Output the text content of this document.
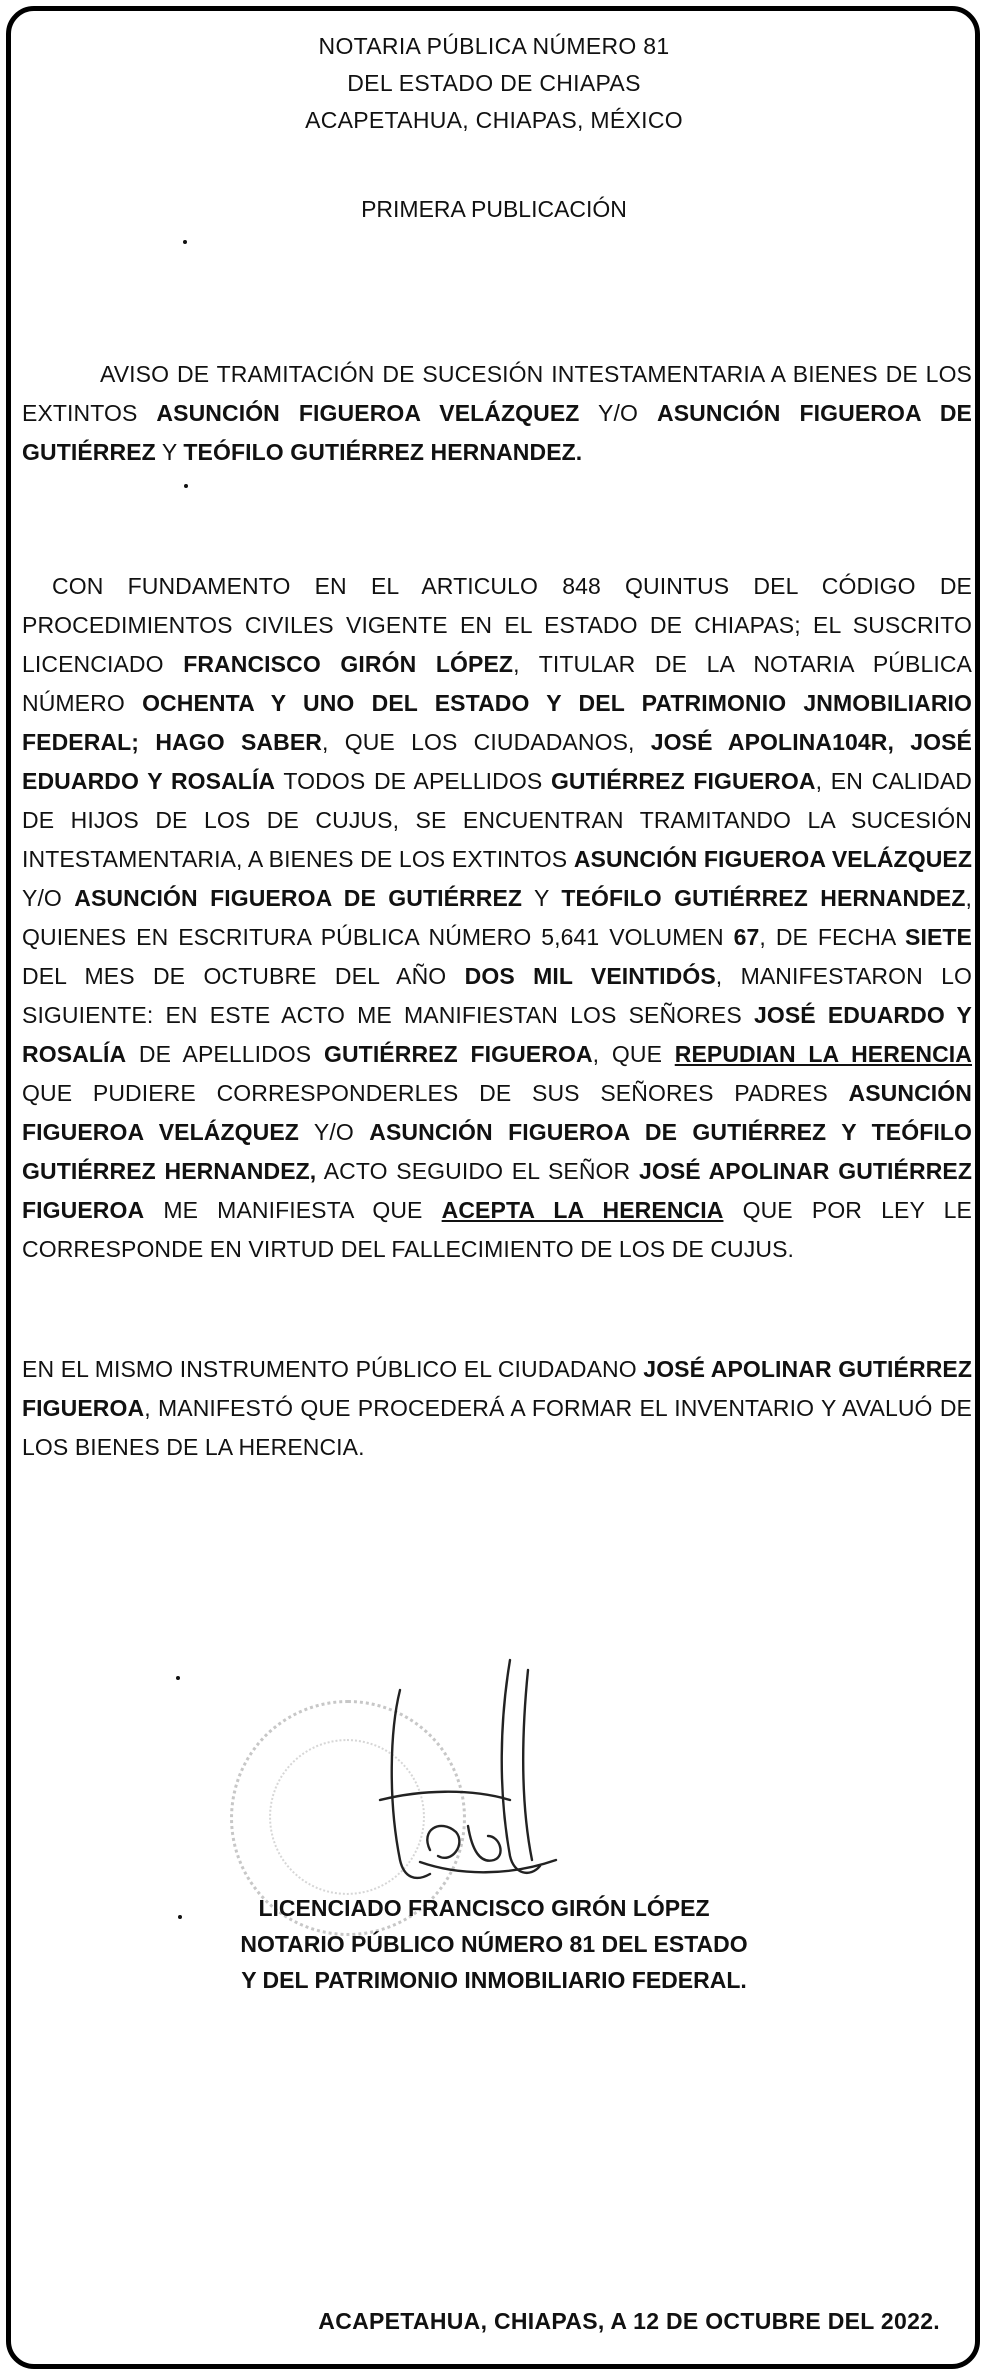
NOTARIA PÚBLICA NÚMERO 81
DEL ESTADO DE CHIAPAS
ACAPETAHUA, CHIAPAS, MÉXICO
PRIMERA PUBLICACIÓN
AVISO DE TRAMITACIÓN DE SUCESIÓN INTESTAMENTARIA A BIENES DE LOS EXTINTOS ASUNCIÓN FIGUEROA VELÁZQUEZ Y/O ASUNCIÓN FIGUEROA DE GUTIÉRREZ Y TEÓFILO GUTIÉRREZ HERNANDEZ.
CON FUNDAMENTO EN EL ARTICULO 848 QUINTUS DEL CÓDIGO DE PROCEDIMIENTOS CIVILES VIGENTE EN EL ESTADO DE CHIAPAS; EL SUSCRITO LICENCIADO FRANCISCO GIRÓN LÓPEZ, TITULAR DE LA NOTARIA PÚBLICA NÚMERO OCHENTA Y UNO DEL ESTADO Y DEL PATRIMONIO JNMOBILIARIO FEDERAL; HAGO SABER, QUE LOS CIUDADANOS, JOSÉ APOLINA104R, JOSÉ EDUARDO Y ROSALÍA TODOS DE APELLIDOS GUTIÉRREZ FIGUEROA, EN CALIDAD DE HIJOS DE LOS DE CUJUS, SE ENCUENTRAN TRAMITANDO LA SUCESIÓN INTESTAMENTARIA, A BIENES DE LOS EXTINTOS ASUNCIÓN FIGUEROA VELÁZQUEZ Y/O ASUNCIÓN FIGUEROA DE GUTIÉRREZ Y TEÓFILO GUTIÉRREZ HERNANDEZ, QUIENES EN ESCRITURA PÚBLICA NÚMERO 5,641 VOLUMEN 67, DE FECHA SIETE DEL MES DE OCTUBRE DEL AÑO DOS MIL VEINTIDÓS, MANIFESTARON LO SIGUIENTE: EN ESTE ACTO ME MANIFIESTAN LOS SEÑORES JOSÉ EDUARDO Y ROSALÍA DE APELLIDOS GUTIÉRREZ FIGUEROA, QUE REPUDIAN LA HERENCIA QUE PUDIERE CORRESPONDERLES DE SUS SEÑORES PADRES ASUNCIÓN FIGUEROA VELÁZQUEZ Y/O ASUNCIÓN FIGUEROA DE GUTIÉRREZ Y TEÓFILO GUTIÉRREZ HERNANDEZ, ACTO SEGUIDO EL SEÑOR JOSÉ APOLINAR GUTIÉRREZ FIGUEROA ME MANIFIESTA QUE ACEPTA LA HERENCIA QUE POR LEY LE CORRESPONDE EN VIRTUD DEL FALLECIMIENTO DE LOS DE CUJUS.
EN EL MISMO INSTRUMENTO PÚBLICO EL CIUDADANO JOSÉ APOLINAR GUTIÉRREZ FIGUEROA, MANIFESTÓ QUE PROCEDERÁ A FORMAR EL INVENTARIO Y AVALUÓ DE LOS BIENES DE LA HERENCIA.
LICENCIADO FRANCISCO GIRÓN LÓPEZ
NOTARIO PÚBLICO NÚMERO 81 DEL ESTADO
Y DEL PATRIMONIO INMOBILIARIO FEDERAL.
ACAPETAHUA, CHIAPAS, A 12 DE OCTUBRE DEL 2022.
